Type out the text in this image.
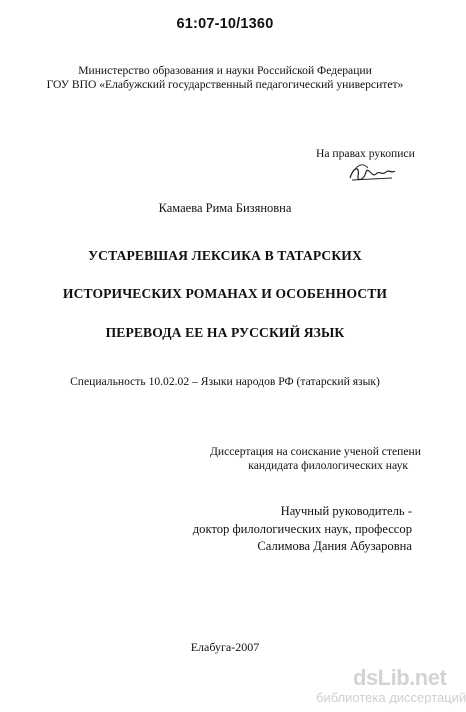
61:07-10/1360
Министерство образования и науки Российской Федерации
ГОУ ВПО «Елабужский государственный педагогический университет»
На правах рукописи
Камаева Рима Бизяновна
УСТАРЕВШАЯ ЛЕКСИКА В ТАТАРСКИХ
ИСТОРИЧЕСКИХ РОМАНАХ И ОСОБЕННОСТИ
ПЕРЕВОДА ЕЕ НА РУССКИЙ ЯЗЫК
Специальность 10.02.02 – Языки народов РФ (татарский язык)
Диссертация на соискание ученой степени
кандидата филологических наук
Научный руководитель -
доктор филологических наук, профессор
Салимова Дания Абузаровна
Елабуга-2007
dsLib.net
библиотека диссертаций
